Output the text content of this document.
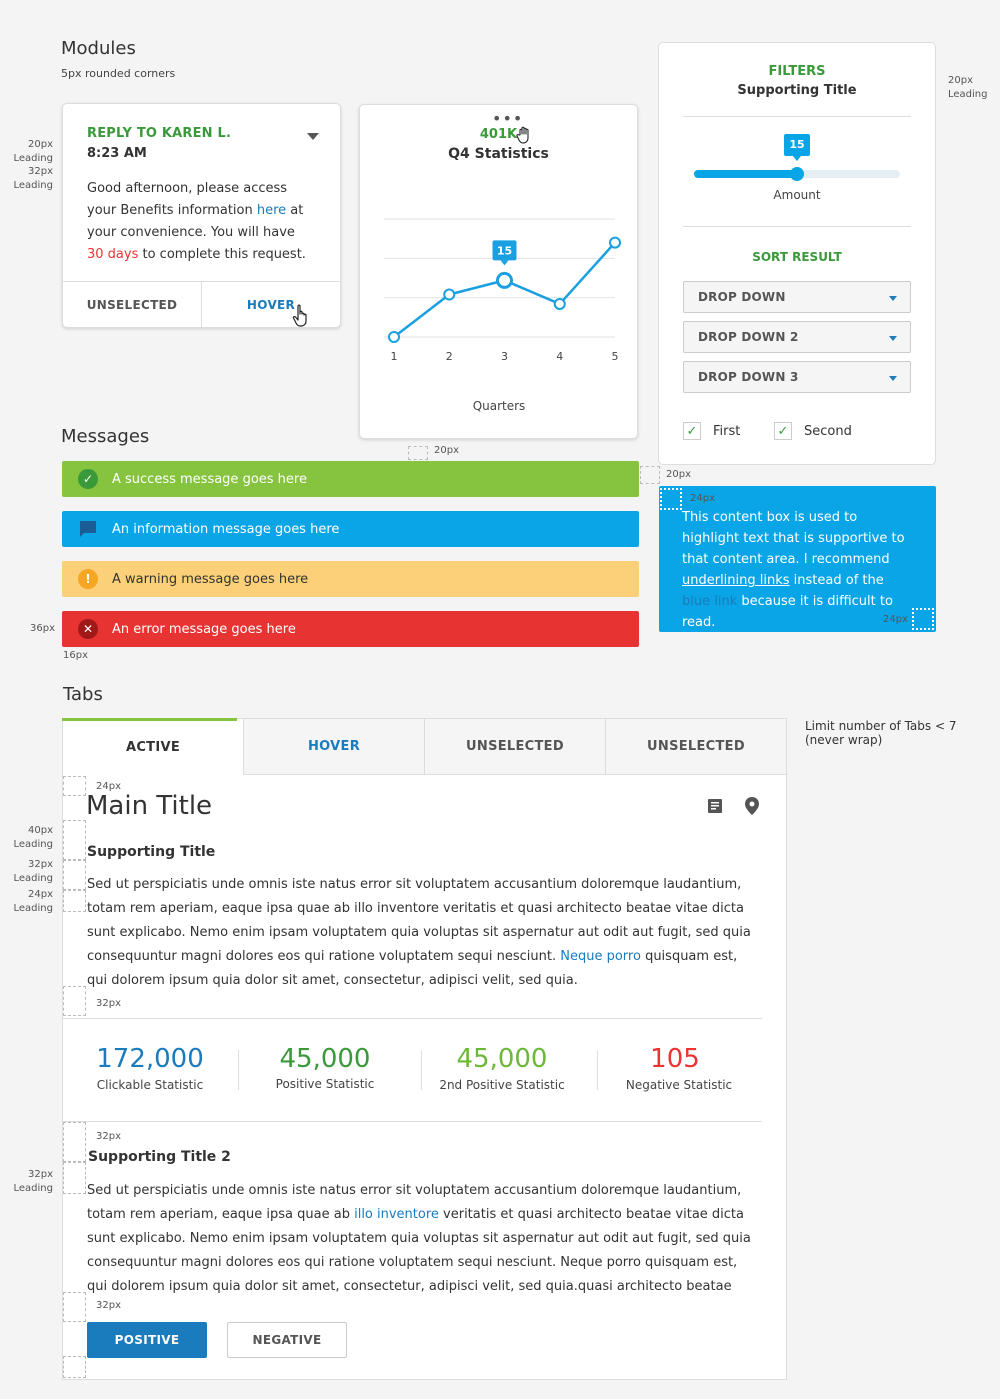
Modules
5px rounded corners
20px
Leading
32px
Leading
REPLY TO KAREN L.
8:23 AM
Good afternoon, please access your Benefits information here at your convenience. You will have 30 days to complete this request.
UNSELECTED	HOVER
•••
401K
Q4 Statistics
1	2	3	4	5
15
Quarters
FILTERS
Supporting Title
15
Amount
SORT RESULT
DROP DOWN
DROP DOWN 2
DROP DOWN 3
✓ First	✓ Second
20px
Leading
Messages
20px
✓	A success message goes here
An information message goes here
!	A warning message goes here
✕	An error message goes here
36px
16px
20px
This content box is used to highlight text that is supportive to that content area. I recommend underlining links instead of the blue link because it is difficult to read.
24px
24px
Tabs
Limit number of Tabs < 7 (never wrap)
ACTIVE	HOVER	UNSELECTED	UNSELECTED
24px
40px
Leading
32px
Leading
24px
Leading
Main Title
Supporting Title
Sed ut perspiciatis unde omnis iste natus error sit voluptatem accusantium doloremque laudantium, totam rem aperiam, eaque ipsa quae ab illo inventore veritatis et quasi architecto beatae vitae dicta sunt explicabo. Nemo enim ipsam voluptatem quia voluptas sit aspernatur aut odit aut fugit, sed quia consequuntur magni dolores eos qui ratione voluptatem sequi nesciunt. Neque porro quisquam est, qui dolorem ipsum quia dolor sit amet, consectetur, adipisci velit, sed quia.
32px
172,000
Clickable Statistic
45,000
Positive Statistic
45,000
2nd Positive Statistic
105
Negative Statistic
32px
32px
Leading
Supporting Title 2
Sed ut perspiciatis unde omnis iste natus error sit voluptatem accusantium doloremque laudantium, totam rem aperiam, eaque ipsa quae ab illo inventore veritatis et quasi architecto beatae vitae dicta sunt explicabo. Nemo enim ipsam voluptatem quia voluptas sit aspernatur aut odit aut fugit, sed quia consequuntur magni dolores eos qui ratione voluptatem sequi nesciunt. Neque porro quisquam est, qui dolorem ipsum quia dolor sit amet, consectetur, adipisci velit, sed quia.quasi architecto beatae
32px
POSITIVE	NEGATIVE
